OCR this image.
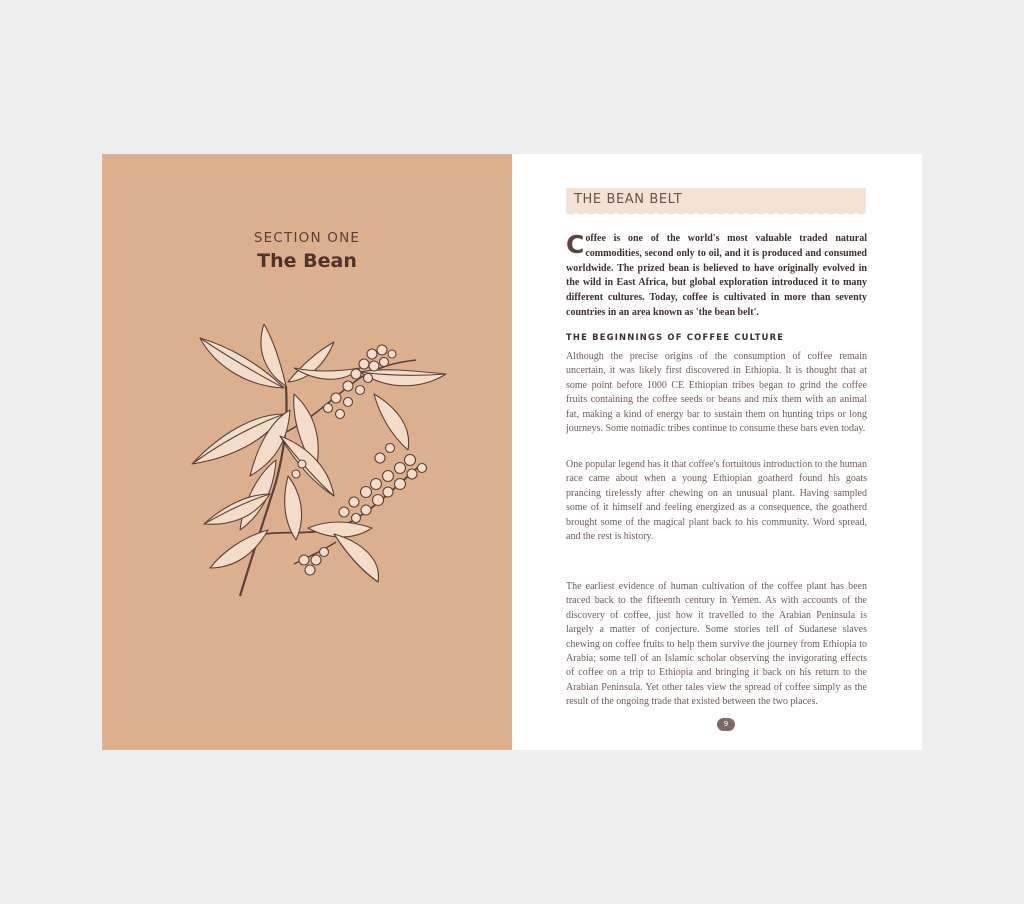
SECTION ONE
The Bean
THE BEAN BELT
Coffee is one of the world's most valuable traded natural commodities, second only to oil, and it is produced and consumed worldwide. The prized bean is believed to have originally evolved in the wild in East Africa, but global exploration introduced it to many different cultures. Today, coffee is cultivated in more than seventy countries in an area known as 'the bean belt'.
THE BEGINNINGS OF COFFEE CULTURE
Although the precise origins of the consumption of coffee remain uncertain, it was likely first discovered in Ethiopia. It is thought that at some point before 1000 CE Ethiopian tribes began to grind the coffee fruits containing the coffee seeds or beans and mix them with an animal fat, making a kind of energy bar to sustain them on hunting trips or long journeys. Some nomadic tribes continue to consume these bars even today.
One popular legend has it that coffee's fortuitous introduction to the human race came about when a young Ethiopian goatherd found his goats prancing tirelessly after chewing on an unusual plant. Having sampled some of it himself and feeling energized as a consequence, the goatherd brought some of the magical plant back to his community. Word spread, and the rest is history.
The earliest evidence of human cultivation of the coffee plant has been traced back to the fifteenth century in Yemen. As with accounts of the discovery of coffee, just how it travelled to the Arabian Peninsula is largely a matter of conjecture. Some stories tell of Sudanese slaves chewing on coffee fruits to help them survive the journey from Ethiopia to Arabia; some tell of an Islamic scholar observing the invigorating effects of coffee on a trip to Ethiopia and bringing it back on his return to the Arabian Peninsula. Yet other tales view the spread of coffee simply as the result of the ongoing trade that existed between the two places.
9
